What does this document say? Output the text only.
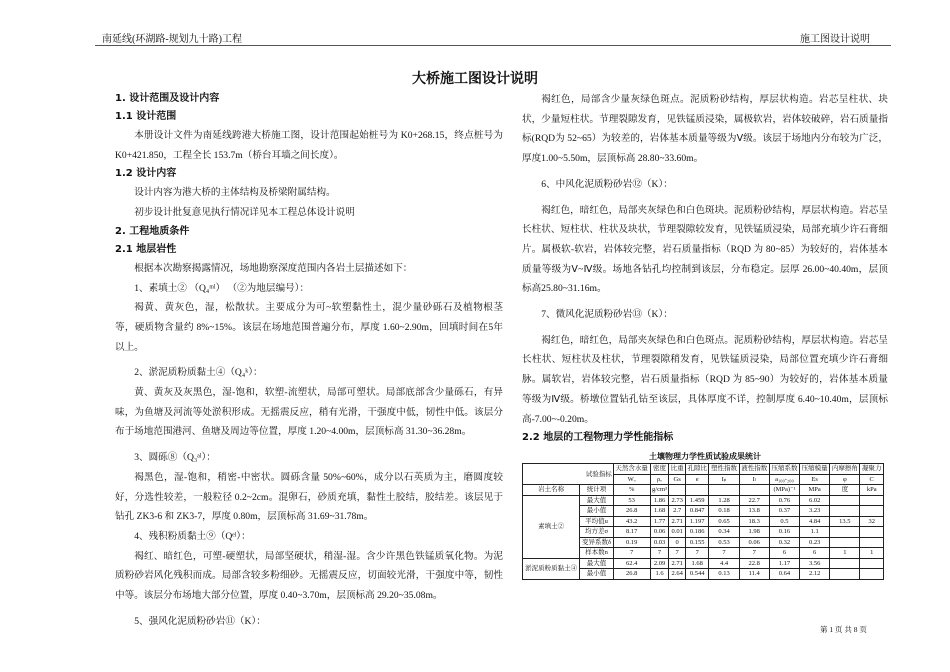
南延线(环湖路-规划九十路)工程	施工图设计说明
大桥施工图设计说明
1. 设计范围及设计内容
1.1 设计范围

本册设计文件为南延线跨港大桥施工图，设计范围起始桩号为 K0+268.15，终点桩号为 K0+421.850，工程全长 153.7m（桥台耳墙之间长度）。

1.2 设计内容

设计内容为港大桥的主体结构及桥梁附属结构。

初步设计批复意见执行情况详见本工程总体设计说明

2. 工程地质条件
2.1 地层岩性

根据本次勘察揭露情况，场地勘察深度范围内各岩土层描述如下：

1、素填土② （Q₄ᵐˡ） （②为地层编号）：

褐黄、黄灰色，湿，松散状。主要成分为可~软塑黏性土，混少量砂砾石及植物根茎等，硬质物含量约 8%~15%。该层在场地范围普遍分布，厚度 1.60~2.90m，回填时间在5年以上。

2、淤泥质粉质黏土④（Q₄ᵏ）：

黄、黄灰及灰黑色，湿-饱和，软塑-流塑状，局部可塑状。局部底部含少量砾石，有异味，为鱼塘及河流等处淤积形成。无摇震反应，稍有光滑，干强度中低，韧性中低。该层分布于场地范围港河、鱼塘及周边等位置，厚度 1.20~4.00m，层顶标高 31.30~36.28m。

3、圆砾⑧（Q₃ᵃˡ）：

褐黑色，湿-饱和，稍密-中密状。圆砾含量 50%~60%，成分以石英质为主，磨圆度较好，分选性较差，一般粒径 0.2~2cm。混卵石，砂质充填，黏性土胶结，胶结差。该层见于钻孔 ZK3-6 和 ZK3-7，厚度 0.80m，层顶标高 31.69~31.78m。

4、残积粉质黏土⑨（Qᵉˡ）：

褐红、暗红色，可塑-硬塑状，局部坚硬状，稍湿-湿。含少许黑色铁锰质氧化物。为泥质粉砂岩风化残积而成。局部含较多粉细砂。无摇震反应，切面较光滑，干强度中等，韧性中等。该层分布场地大部分位置，厚度 0.40~3.70m，层顶标高 29.20~35.08m。

5、强风化泥质粉砂岩⑪（K）：

褐红色，局部含少量灰绿色斑点。泥质粉砂结构，厚层状构造。岩芯呈柱状、块状，少量短柱状。节理裂隙发育，见铁锰质浸染，属极软岩，岩体较破碎，岩石质量指标(RQD为 52~65）为较差的，岩体基本质量等级为Ⅴ级。该层于场地内分布较为广泛，厚度1.00~5.50m，层顶标高 28.80~33.60m。

6、中风化泥质粉砂岩⑫（K）：

褐红色，暗红色，局部夹灰绿色和白色斑块。泥质粉砂结构，厚层状构造。岩芯呈长柱状、短柱状、柱状及块状，节理裂隙较发育，见铁锰质浸染，局部充填少许石膏细片。属极软-软岩，岩体较完整，岩石质量指标（RQD 为 80~85）为较好的，岩体基本质量等级为Ⅴ~Ⅳ级。场地各钻孔均控制到该层，分布稳定。层厚 26.00~40.40m，层顶标高25.80~31.16m。

7、微风化泥质粉砂岩⑬（K）：

褐红色，暗红色，局部夹灰绿色和白色斑点。泥质粉砂结构，厚层状构造。岩芯呈长柱状、短柱状及柱状，节理裂隙稍发育，见铁锰质浸染，局部位置充填少许石膏细脉。属软岩，岩体较完整，岩石质量指标（RQD 为 85~90）为较好的，岩体基本质量等级为Ⅳ级。桥墩位置钻孔钻至该层，具体厚度不详，控制厚度 6.40~10.40m，层顶标高-7.00~-0.20m。

2.2 地层的工程物理力学性能指标
土壤物理力学性质试验成果统计
试验指标		天然含水量	密度	比重	孔隙比	塑性指数	液性指数	压缩系数	压缩模量	内摩擦角	凝聚力
		Wₒ	ρₒ	Gs	e	Iₚ	Iₗ	a₁₀₀-₂₀₀	Es	φ	C
岩土名称	统计项	%	g/cm³					(MPa)⁻¹	MPa	度	kPa
素填土②	最大值	53	1.86	2.73	1.459	1.28	22.7	0.76	6.02		
	最小值	26.8	1.68	2.7	0.847	0.18	13.8	0.37	3.23		
	平均值u	43.2	1.77	2.71	1.197	0.65	18.3	0.5	4.84	13.5	32
	均方差σ	8.17	0.06	0.01	0.186	0.34	1.98	0.16	1.1		
	变异系数δ	0.19	0.03	0	0.155	0.53	0.06	0.32	0.23		
	样本数n	7	7	7	7	7	7	6	6	1	1
淤泥质粉质黏土④	最大值	62.4	2.09	2.71	1.68	4.4	22.8	1.17	3.56		
	最小值	26.8	1.6	2.64	0.544	0.13	11.4	0.64	2.12		
第 1 页 共 8 页
